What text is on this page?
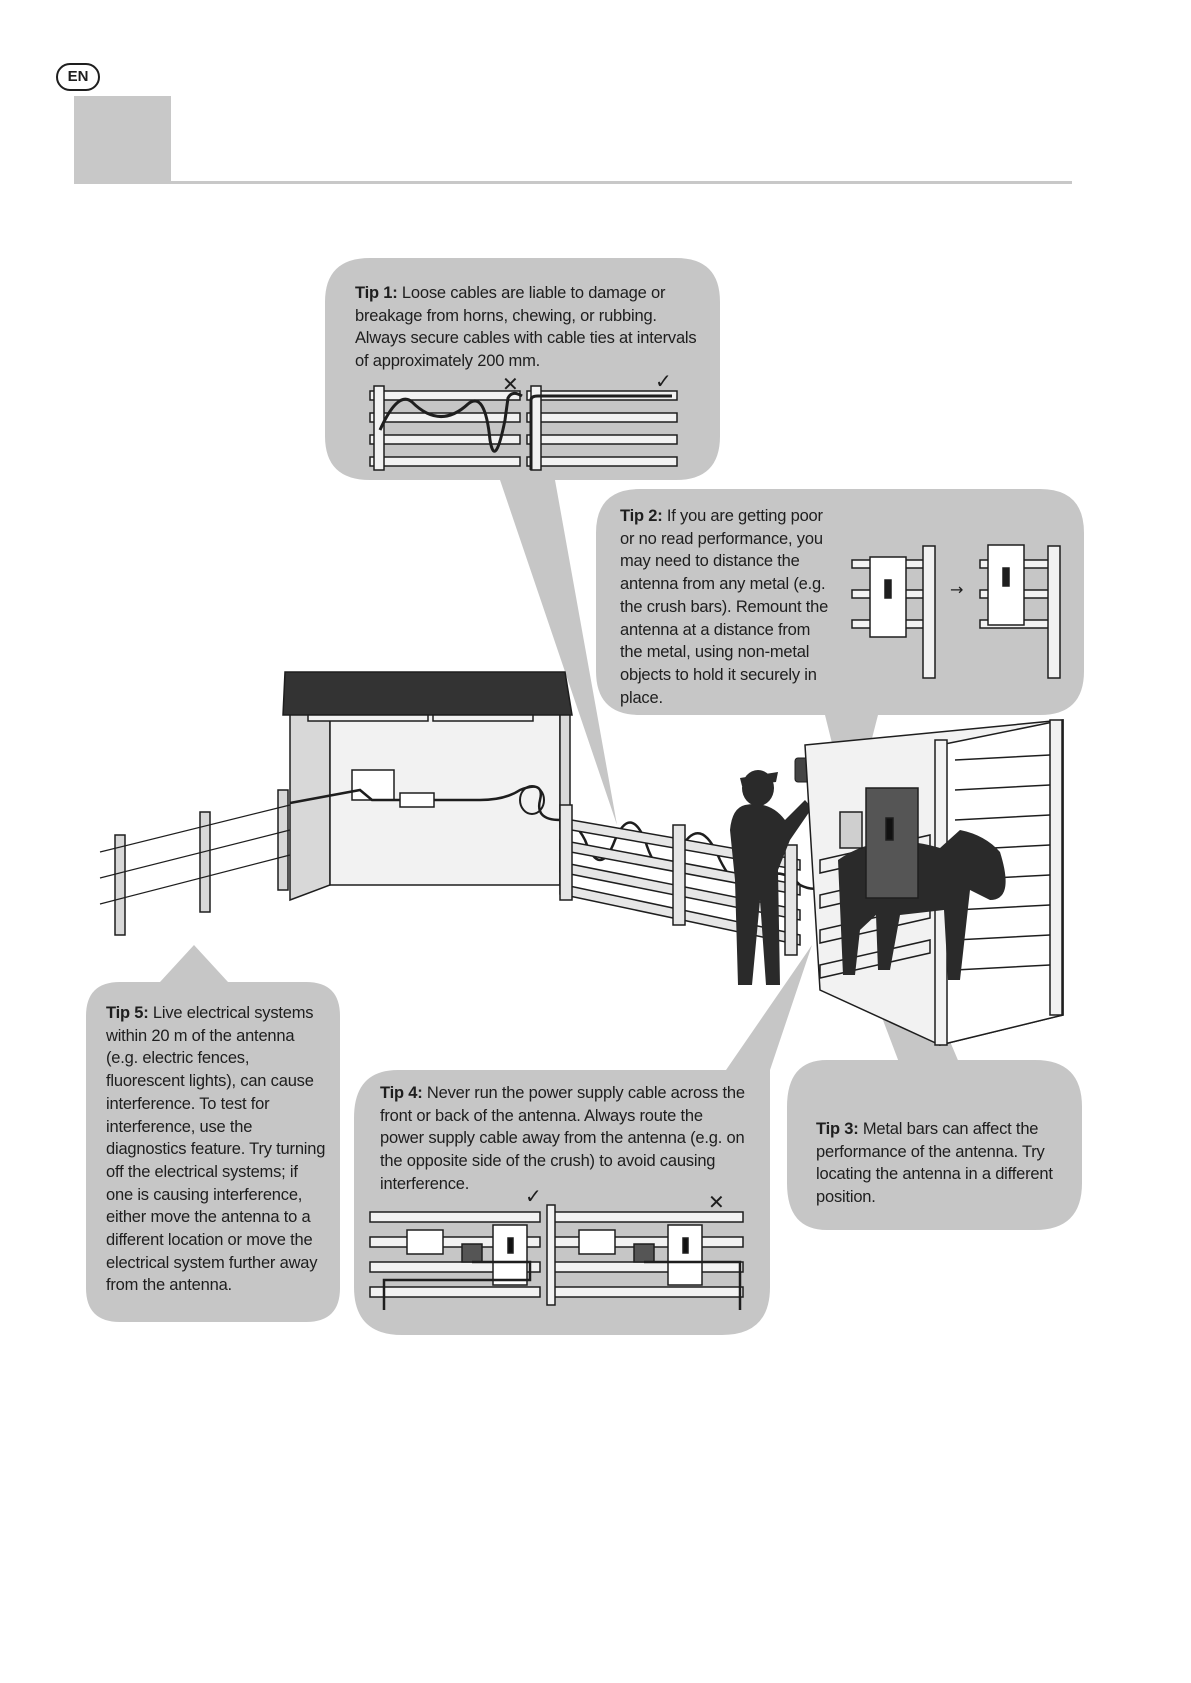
EN
Tip 1: Loose cables are liable to damage or breakage from horns, chewing, or rubbing. Always secure cables with cable ties at intervals of approximately 200 mm.
✕	✓
Tip 2: If you are getting poor or no read performance, you may need to distance the antenna from any metal (e.g. the crush bars). Remount the antenna at a distance from the metal, using non-metal objects to hold it securely in place.
→
Tip 3: Metal bars can affect the performance of the antenna. Try locating the antenna in a different position.
Tip 4: Never run the power supply cable across the front or back of the antenna. Always route the power supply cable away from the antenna (e.g. on the opposite side of the crush) to avoid causing interference.
✓	✕
Tip 5: Live electrical systems within 20 m of the antenna (e.g. electric fences, fluorescent lights), can cause interference. To test for interference, use the diagnostics feature. Try turning off the electrical systems; if one is causing interference, either move the antenna to a different location or move the electrical system further away from the antenna.
